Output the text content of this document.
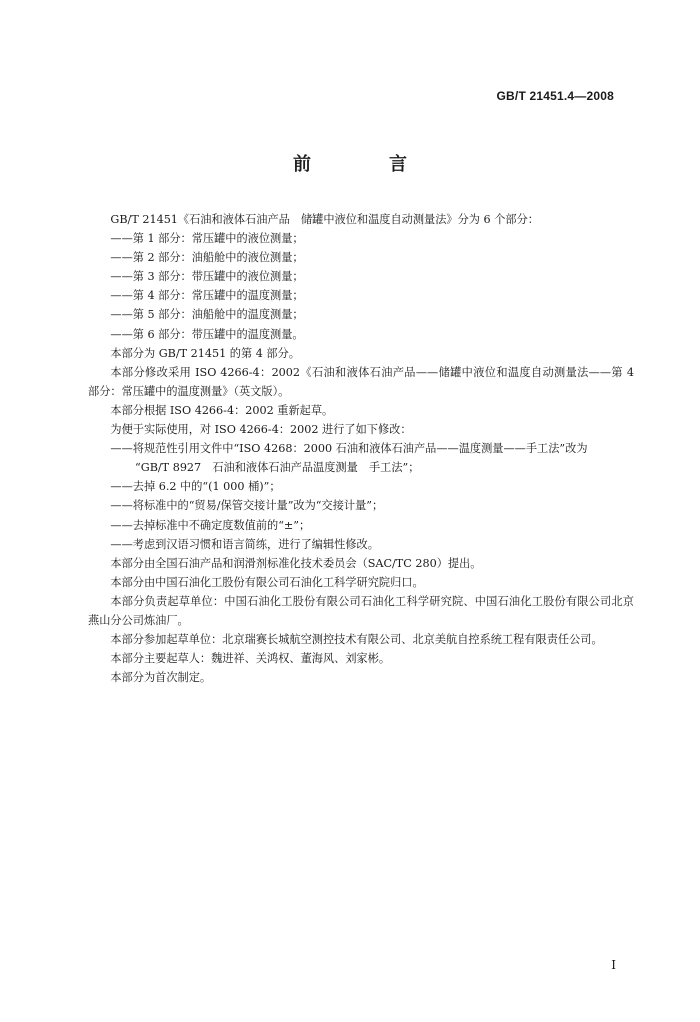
GB/T 21451.4—2008
前　言

GB/T 21451《石油和液体石油产品　储罐中液位和温度自动测量法》分为 6 个部分：

——第 1 部分：常压罐中的液位测量；

——第 2 部分：油船舱中的液位测量；

——第 3 部分：带压罐中的液位测量；

——第 4 部分：常压罐中的温度测量；

——第 5 部分：油船舱中的温度测量；

——第 6 部分：带压罐中的温度测量。

本部分为 GB/T 21451 的第 4 部分。

本部分修改采用 ISO 4266-4：2002《石油和液体石油产品——储罐中液位和温度自动测量法——第 4 部分：常压罐中的温度测量》（英文版）。

本部分根据 ISO 4266-4：2002 重新起草。

为便于实际使用，对 ISO 4266-4：2002 进行了如下修改：

——将规范性引用文件中“ISO 4268：2000 石油和液体石油产品——温度测量——手工法”改为

“GB/T 8927　石油和液体石油产品温度测量　手工法”；

——去掉 6.2 中的“(1 000 桶)”；

——将标准中的“贸易/保管交接计量”改为“交接计量”；

——去掉标准中不确定度数值前的“±”；

——考虑到汉语习惯和语言简练，进行了编辑性修改。

本部分由全国石油产品和润滑剂标准化技术委员会（SAC/TC 280）提出。

本部分由中国石油化工股份有限公司石油化工科学研究院归口。

本部分负责起草单位：中国石油化工股份有限公司石油化工科学研究院、中国石油化工股份有限公司北京燕山分公司炼油厂。

本部分参加起草单位：北京瑞赛长城航空测控技术有限公司、北京美航自控系统工程有限责任公司。

本部分主要起草人：魏进祥、关鸿权、董海风、刘家彬。

本部分为首次制定。

I
